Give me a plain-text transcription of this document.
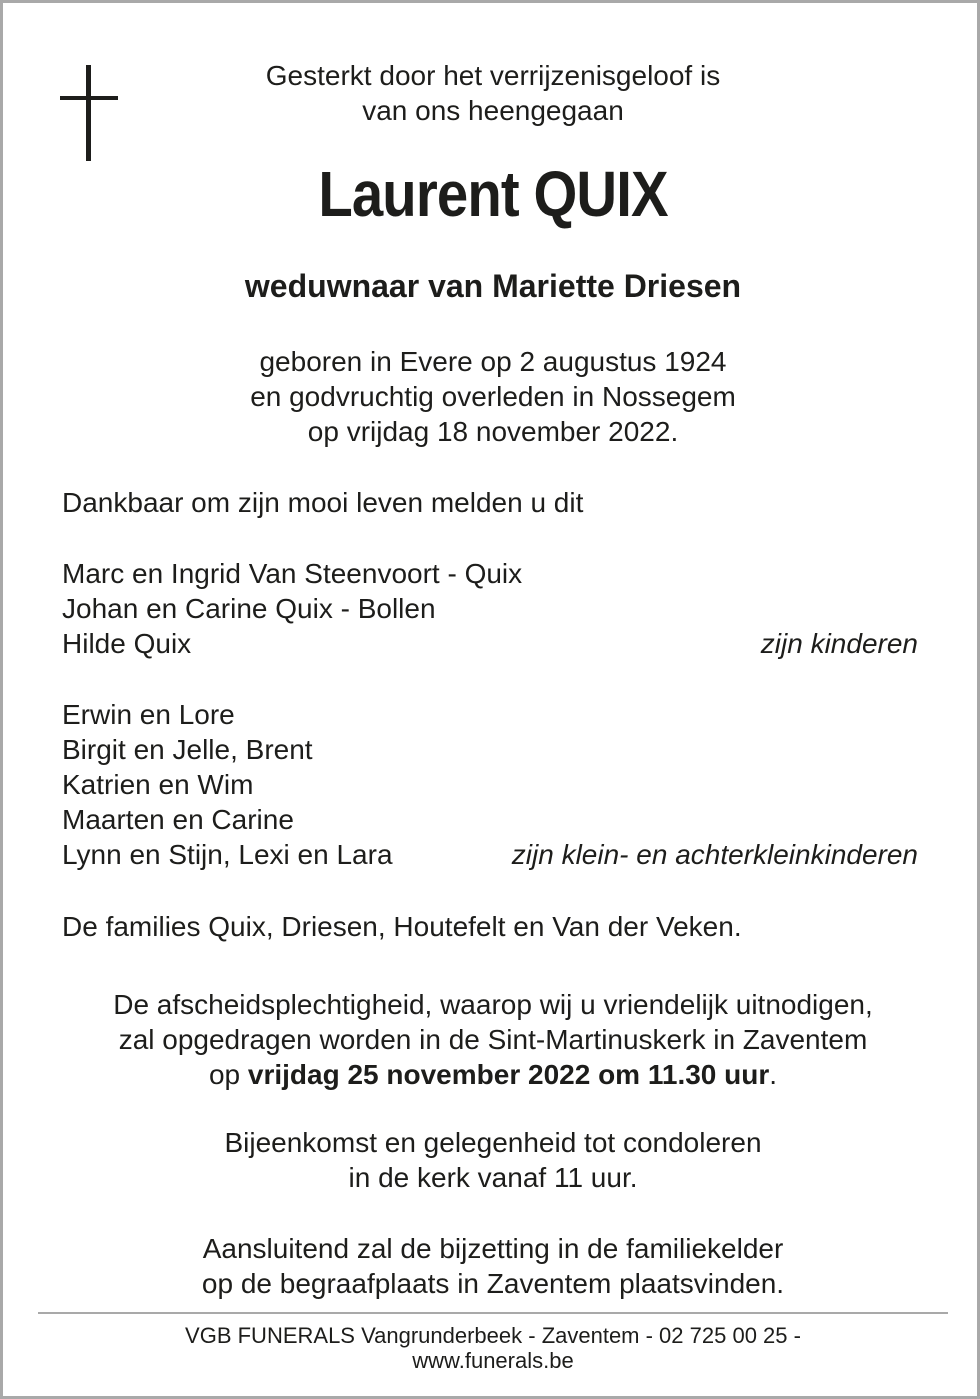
Gesterkt door het verrijzenisgeloof is
van ons heengegaan
Laurent QUIX
weduwnaar van Mariette Driesen
geboren in Evere op 2 augustus 1924
en godvruchtig overleden in Nossegem
op vrijdag 18 november 2022.
Dankbaar om zijn mooi leven melden u dit
Marc en Ingrid Van Steenvoort - Quix
Johan en Carine Quix - Bollen
Hilde Quix	zijn kinderen
Erwin en Lore
Birgit en Jelle, Brent
Katrien en Wim
Maarten en Carine
Lynn en Stijn, Lexi en Lara	zijn klein- en achterkleinkinderen
De families Quix, Driesen, Houtefelt en Van der Veken.
De afscheidsplechtigheid, waarop wij u vriendelijk uitnodigen,
zal opgedragen worden in de Sint-Martinuskerk in Zaventem
op vrijdag 25 november 2022 om 11.30 uur.
Bijeenkomst en gelegenheid tot condoleren
in de kerk vanaf 11 uur.
Aansluitend zal de bijzetting in de familiekelder
op de begraafplaats in Zaventem plaatsvinden.
VGB FUNERALS Vangrunderbeek - Zaventem - 02 725 00 25 -
www.funerals.be
